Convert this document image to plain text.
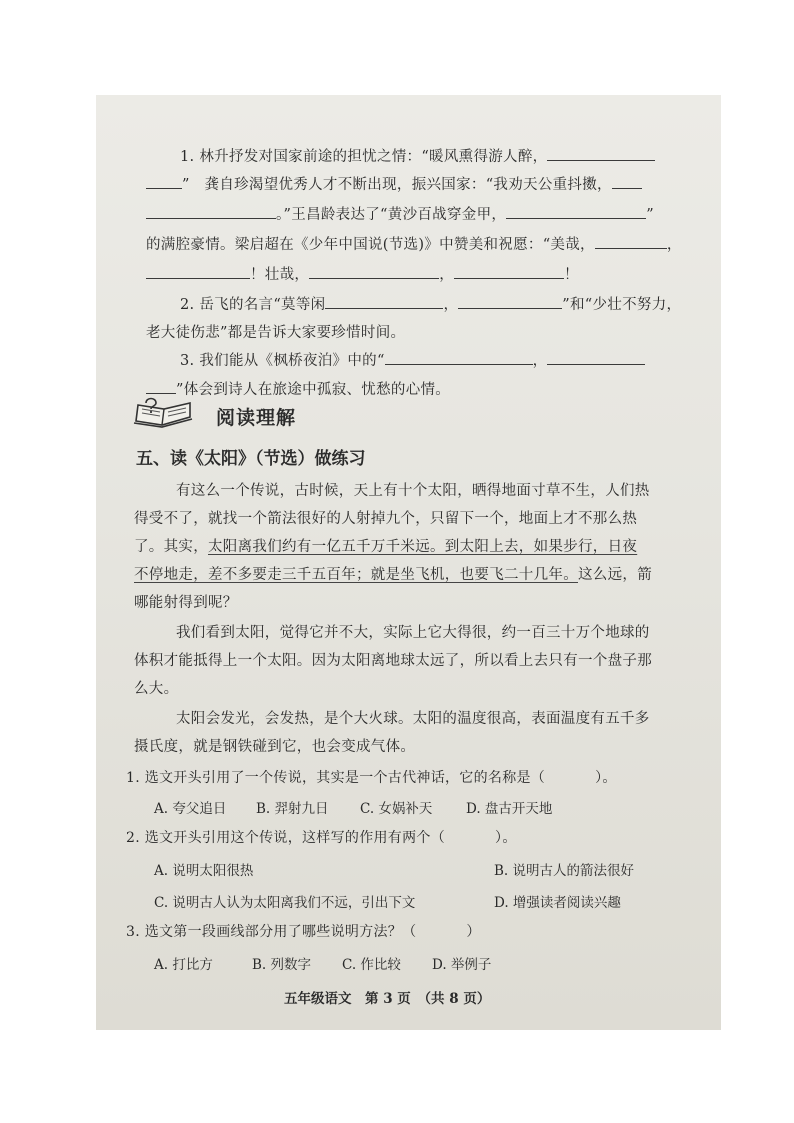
1. 林升抒发对国家前途的担忧之情：“暖风熏得游人醉，
”　龚自珍渴望优秀人才不断出现，振兴国家：“我劝天公重抖擞，
。”王昌龄表达了“黄沙百战穿金甲，	”
的满腔豪情。梁启超在《少年中国说(节选)》中赞美和祝愿：“美哉，	，
！壮哉，	，	！
2. 岳飞的名言“莫等闲	，	”和“少壮不努力，
老大徒伤悲”都是告诉大家要珍惜时间。
3. 我们能从《枫桥夜泊》中的“	，
”体会到诗人在旅途中孤寂、忧愁的心情。
阅读理解
五、读《太阳》（节选）做练习
有这么一个传说，古时候，天上有十个太阳，晒得地面寸草不生，人们热
得受不了，就找一个箭法很好的人射掉九个，只留下一个，地面上才不那么热
了。其实，太阳离我们约有一亿五千万千米远。到太阳上去，如果步行，日夜
不停地走，差不多要走三千五百年；就是坐飞机，也要飞二十几年。这么远，箭
哪能射得到呢？
我们看到太阳，觉得它并不大，实际上它大得很，约一百三十万个地球的
体积才能抵得上一个太阳。因为太阳离地球太远了，所以看上去只有一个盘子那
么大。
太阳会发光，会发热，是个大火球。太阳的温度很高，表面温度有五千多
摄氏度，就是钢铁碰到它，也会变成气体。
1. 选文开头引用了一个传说，其实是一个古代神话，它的名称是（	）。
A. 夸父追日 B. 羿射九日 C. 女娲补天 D. 盘古开天地
2. 选文开头引用这个传说，这样写的作用有两个（	）。
A. 说明太阳很热	B. 说明古人的箭法很好
C. 说明古人认为太阳离我们不远，引出下文	D. 增强读者阅读兴趣
3. 选文第一段画线部分用了哪些说明方法？（	）
A. 打比方	B. 列数字 C. 作比较 D. 举例子
五年级语文　 第 3 页　 （共 8 页）
